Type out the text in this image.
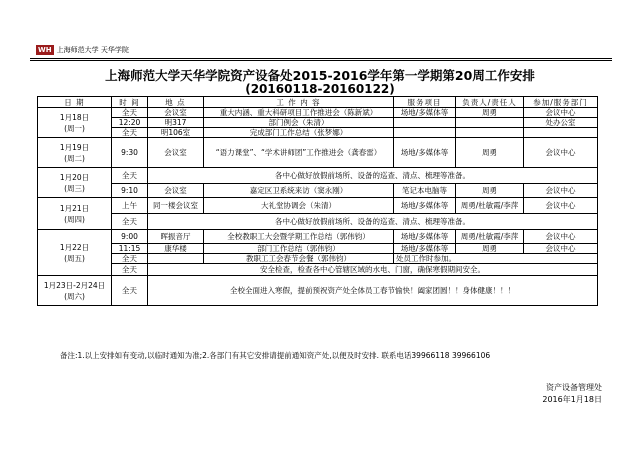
WH 上海师范大学 天华学院
上海师范大学天华学院资产设备处2015-2016学年第一学期第20周工作安排
(20160118-20160122)
日 期	时 间	地 点	工 作 内 容	服务项目	负责人/责任人	参加/服务部门
1月18日
(周一)	全天	会议室	重大内涵、重大科研项目工作推进会（陈新斌）	场地/多媒体等	周勇	会议中心
	12:20	明317	部门例会（朱清）			处办公室
	全天	明106室	完成部门工作总结（张梦娜）			
1月19日
(周二)	9:30	会议室	“语力课堂”、“学术讲师团”工作推进会（龚春雷）	场地/多媒体等	周勇	会议中心
1月20日
(周三)	全天	各中心做好放假前场所、设备的巡查、清点、梳理等准备。				
	9:10	会议室	嘉定区卫系统来访（窦永刚）	笔记本电脑等	周勇	会议中心
1月21日
(周四)	上午	同一楼会议室	大礼堂协调会（朱清）	场地/多媒体等	周勇/杜敏霞/李萍	会议中心
	全天	各中心做好放假前场所、设备的巡查、清点、梳理等准备。				
1月22日
(周五)	9:00	晖振音厅	全校教职工大会暨学期工作总结（郭伟钧）	场地/多媒体等	周勇/杜敏霞/李萍	会议中心
	11:15	康华楼	部门工作总结（郭伟钧）	场地/多媒体等	周勇	会议中心
	全天		教职工工会春节会餐（郭伟钧）	处员工作时参加。		
	全天	安全检查，检查各中心管辖区域的水电、门窗，确保寒假期间安全。				
1月23日-2月24日
(周六)	全天	全校全面进入寒假，提前预祝资产处全体员工春节愉快！阖家团圆！！身体健康！！！				
备注:1.以上安排如有变动,以临时通知为准;2.各部门有其它安排请提前通知资产处,以便及时安排. 联系电话39966118 39966106
资产设备管理处
2016年1月18日
